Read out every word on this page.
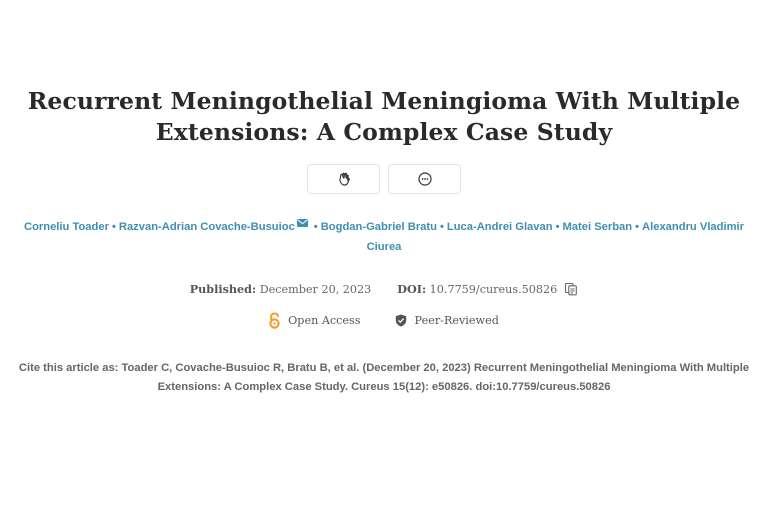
Recurrent Meningothelial Meningioma With Multiple
Extensions: A Complex Case Study
Corneliu Toader • Razvan-Adrian Covache-Busuioc • Bogdan-Gabriel Bratu • Luca-Andrei Glavan • Matei Serban • Alexandru Vladimir Ciurea
Published: December 20, 2023 DOI:
10.7759/cureus.50826
Open Access	Peer-Reviewed
Cite this article as: Toader C, Covache-Busuioc R, Bratu B, et al. (December 20, 2023) Recurrent Meningothelial Meningioma With Multiple
Extensions: A Complex Case Study. Cureus 15(12): e50826. doi:10.7759/cureus.50826
